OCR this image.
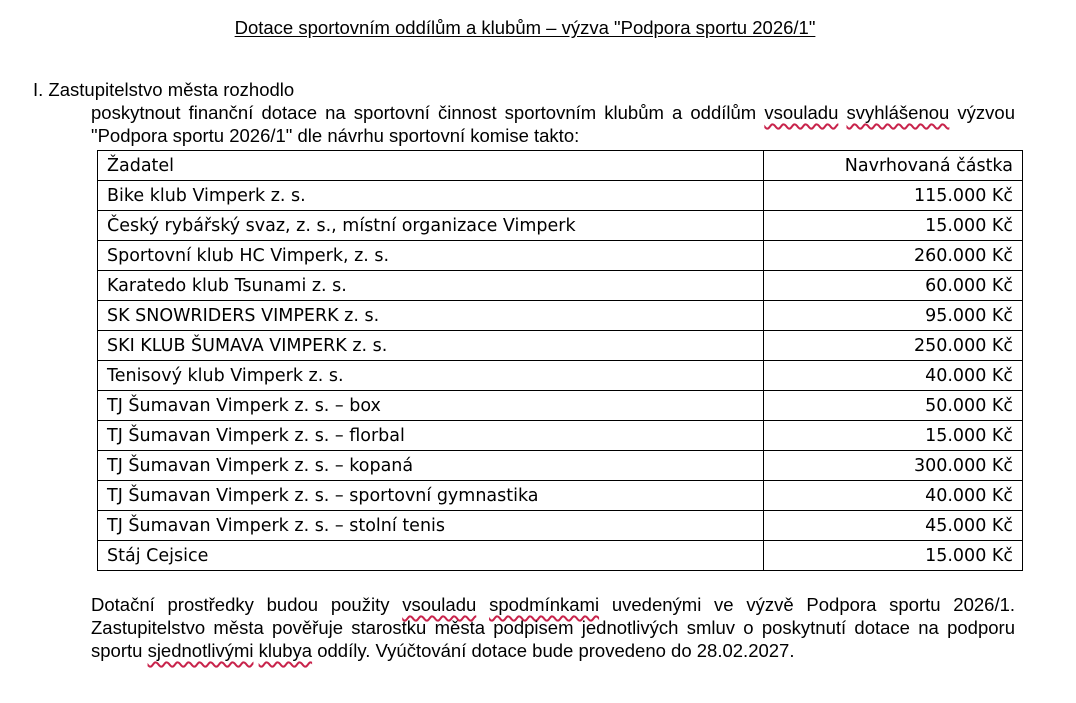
Dotace sportovním oddílům a klubům – výzva "Podpora sportu 2026/1"
I. Zastupitelstvo města rozhodlo
poskytnout finanční dotace na sportovní činnost sportovním klubům a oddílům vsouladu svyhlášenou výzvou "Podpora sportu 2026/1" dle návrhu sportovní komise takto:
Žadatel	Navrhovaná částka
Bike klub Vimperk z. s.	115.000 Kč
Český rybářský svaz, z. s., místní organizace Vimperk	15.000 Kč
Sportovní klub HC Vimperk, z. s.	260.000 Kč
Karatedo klub Tsunami z. s.	60.000 Kč
SK SNOWRIDERS VIMPERK z. s.	95.000 Kč
SKI KLUB ŠUMAVA VIMPERK z. s.	250.000 Kč
Tenisový klub Vimperk z. s.	40.000 Kč
TJ Šumavan Vimperk z. s. – box	50.000 Kč
TJ Šumavan Vimperk z. s. – florbal	15.000 Kč
TJ Šumavan Vimperk z. s. – kopaná	300.000 Kč
TJ Šumavan Vimperk z. s. – sportovní gymnastika	40.000 Kč
TJ Šumavan Vimperk z. s. – stolní tenis	45.000 Kč
Stáj Cejsice	15.000 Kč
Dotační prostředky budou použity vsouladu spodmínkami uvedenými ve výzvě Podpora sportu 2026/1. Zastupitelstvo města pověřuje starostku města podpisem jednotlivých smluv o poskytnutí dotace na podporu sportu sjednotlivými klubya oddíly. Vyúčtování dotace bude provedeno do 28.02.2027.
